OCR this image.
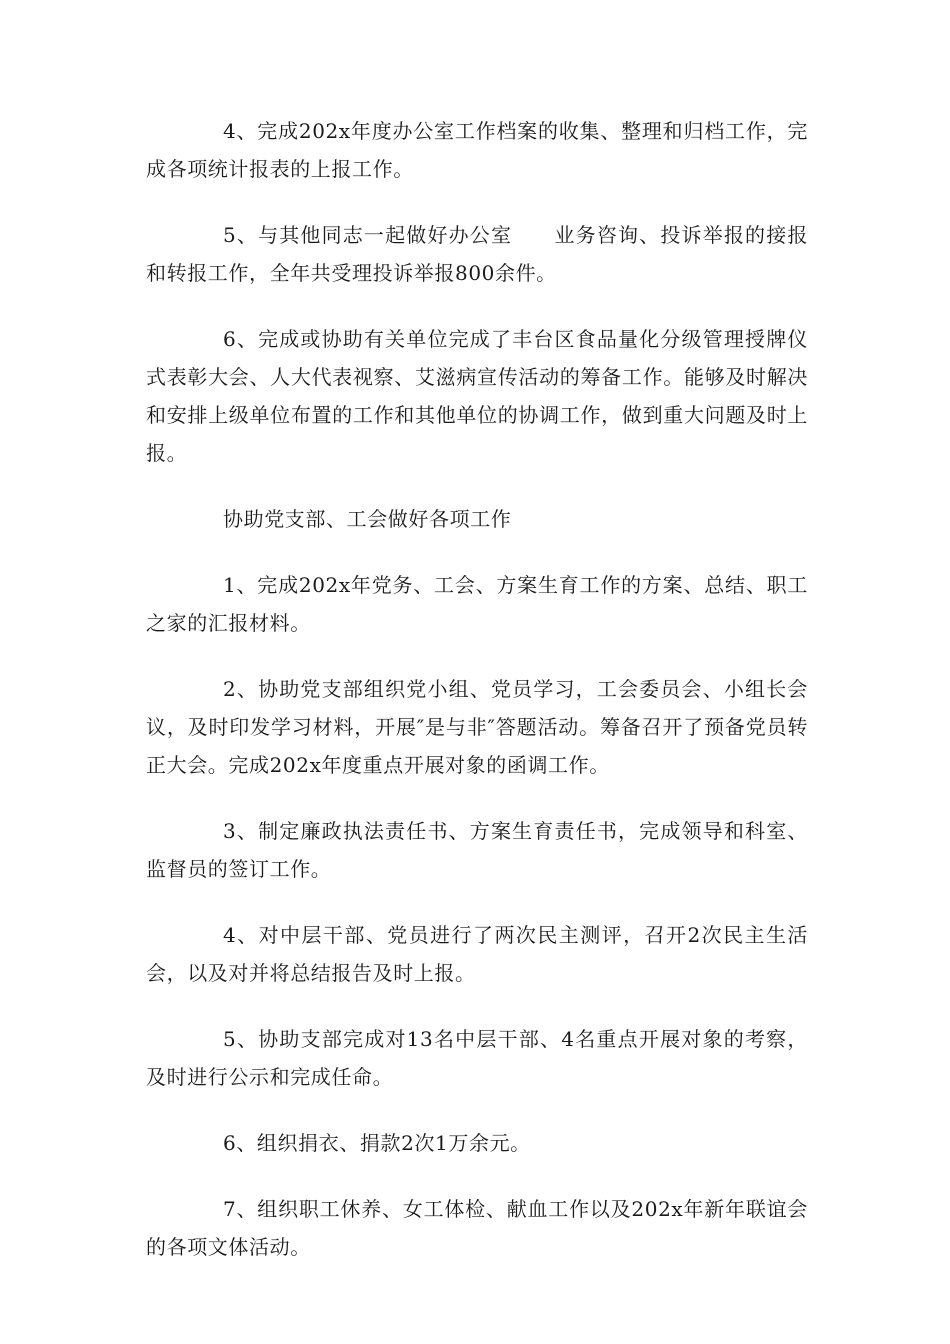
4、完成202x年度办公室工作档案的收集、整理和归档工作，完成各项统计报表的上报工作。

5、与其他同志一起做好办公室　　业务咨询、投诉举报的接报和转报工作，全年共受理投诉举报800余件。

6、完成或协助有关单位完成了丰台区食品量化分级管理授牌仪式表彰大会、人大代表视察、艾滋病宣传活动的筹备工作。能够及时解决和安排上级单位布置的工作和其他单位的协调工作，做到重大问题及时上报。

协助党支部、工会做好各项工作

1、完成202x年党务、工会、方案生育工作的方案、总结、职工之家的汇报材料。

2、协助党支部组织党小组、党员学习，工会委员会、小组长会议，及时印发学习材料，开展″是与非″答题活动。筹备召开了预备党员转正大会。完成202x年度重点开展对象的函调工作。

3、制定廉政执法责任书、方案生育责任书，完成领导和科室、监督员的签订工作。

4、对中层干部、党员进行了两次民主测评，召开2次民主生活会，以及对并将总结报告及时上报。

5、协助支部完成对13名中层干部、4名重点开展对象的考察，及时进行公示和完成任命。

6、组织捐衣、捐款2次1万余元。

7、组织职工休养、女工体检、献血工作以及202x年新年联谊会的各项文体活动。
